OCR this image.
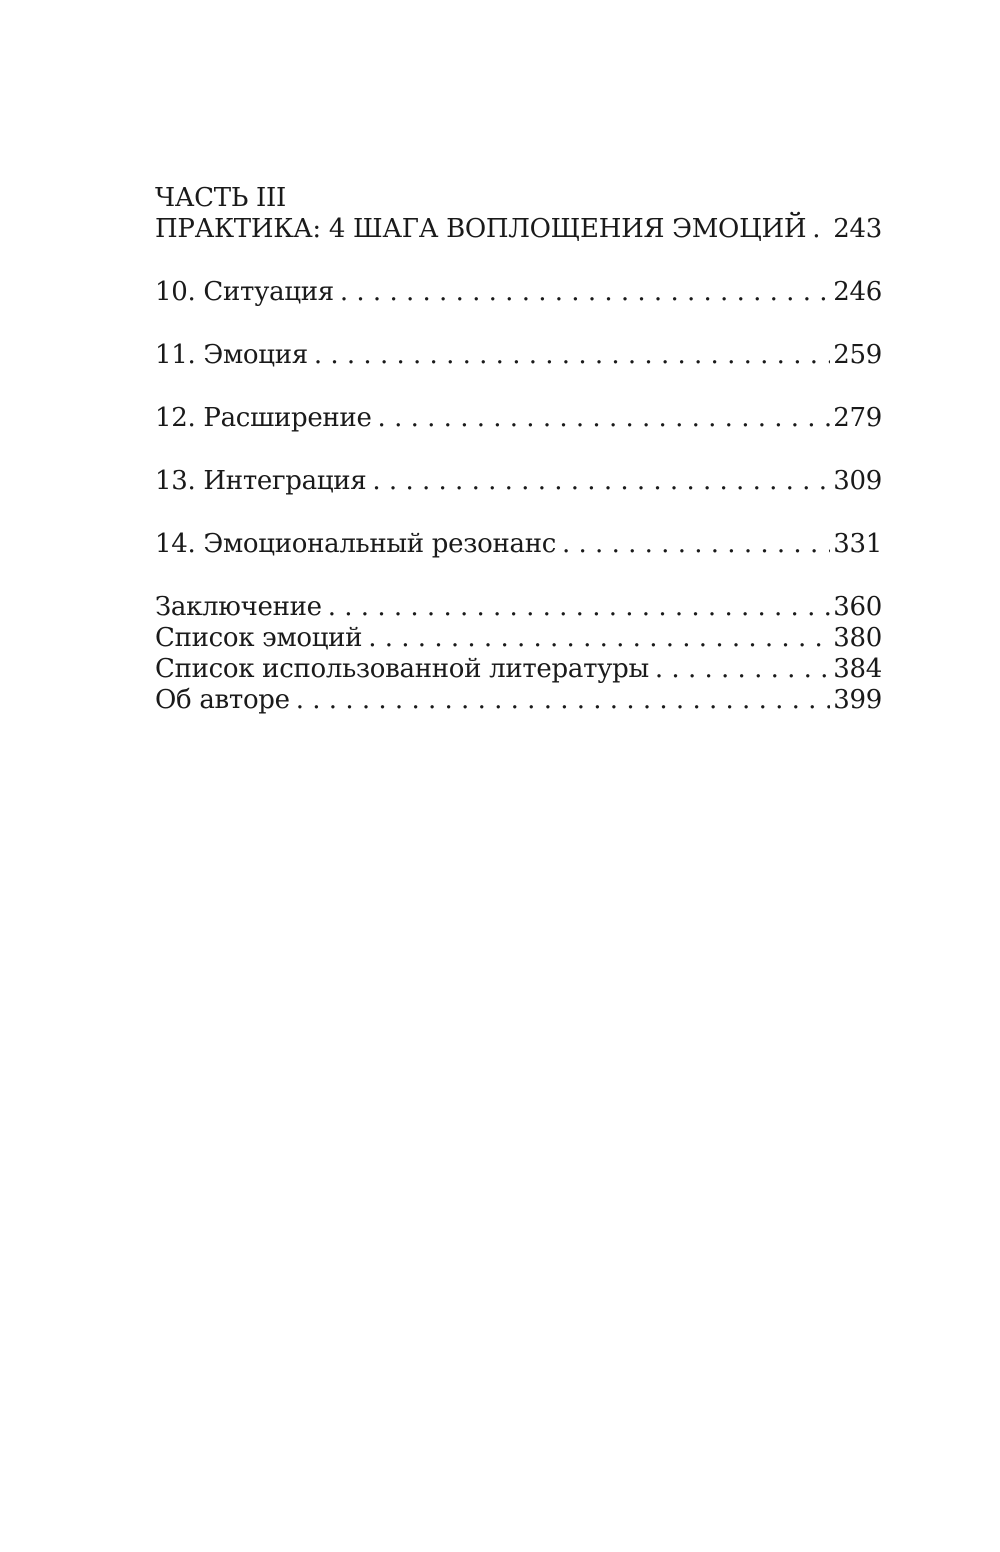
ЧАСТЬ III

ПРАКТИКА: 4 ШАГА ВОПЛОЩЕНИЯ ЭМОЦИЙ . . . 243
10. Ситуация . . .	246
11. Эмоция . . .	259
12. Расширение . . .	279
13. Интеграция . . .	309
14. Эмоциональный резонанс . . .	331
Заключение . . .	360
Список эмоций . . .	380
Список использованной литературы . . .	384
Об авторе . . .	399
